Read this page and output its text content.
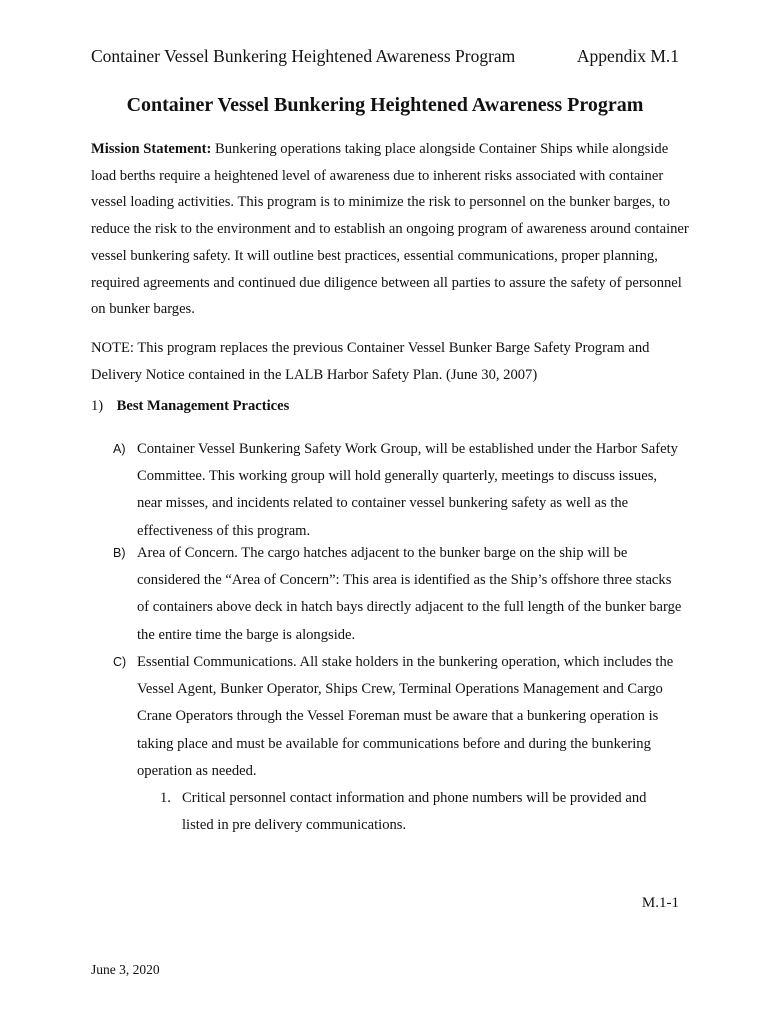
Container Vessel Bunkering Heightened Awareness Program	Appendix M.1
Container Vessel Bunkering Heightened Awareness Program
Mission Statement: Bunkering operations taking place alongside Container Ships while alongside load berths require a heightened level of awareness due to inherent risks associated with container vessel loading activities. This program is to minimize the risk to personnel on the bunker barges, to reduce the risk to the environment and to establish an ongoing program of awareness around container vessel bunkering safety. It will outline best practices, essential communications, proper planning, required agreements and continued due diligence between all parties to assure the safety of personnel on bunker barges.
NOTE: This program replaces the previous Container Vessel Bunker Barge Safety Program and Delivery Notice contained in the LALB Harbor Safety Plan. (June 30, 2007)
1) Best Management Practices
A) Container Vessel Bunkering Safety Work Group, will be established under the Harbor Safety Committee. This working group will hold generally quarterly, meetings to discuss issues, near misses, and incidents related to container vessel bunkering safety as well as the effectiveness of this program.
B) Area of Concern. The cargo hatches adjacent to the bunker barge on the ship will be considered the “Area of Concern”: This area is identified as the Ship’s offshore three stacks of containers above deck in hatch bays directly adjacent to the full length of the bunker barge the entire time the barge is alongside.
C) Essential Communications. All stake holders in the bunkering operation, which includes the Vessel Agent, Bunker Operator, Ships Crew, Terminal Operations Management and Cargo Crane Operators through the Vessel Foreman must be aware that a bunkering operation is taking place and must be available for communications before and during the bunkering operation as needed.
1. Critical personnel contact information and phone numbers will be provided and listed in pre delivery communications.
M.1-1
June 3, 2020
